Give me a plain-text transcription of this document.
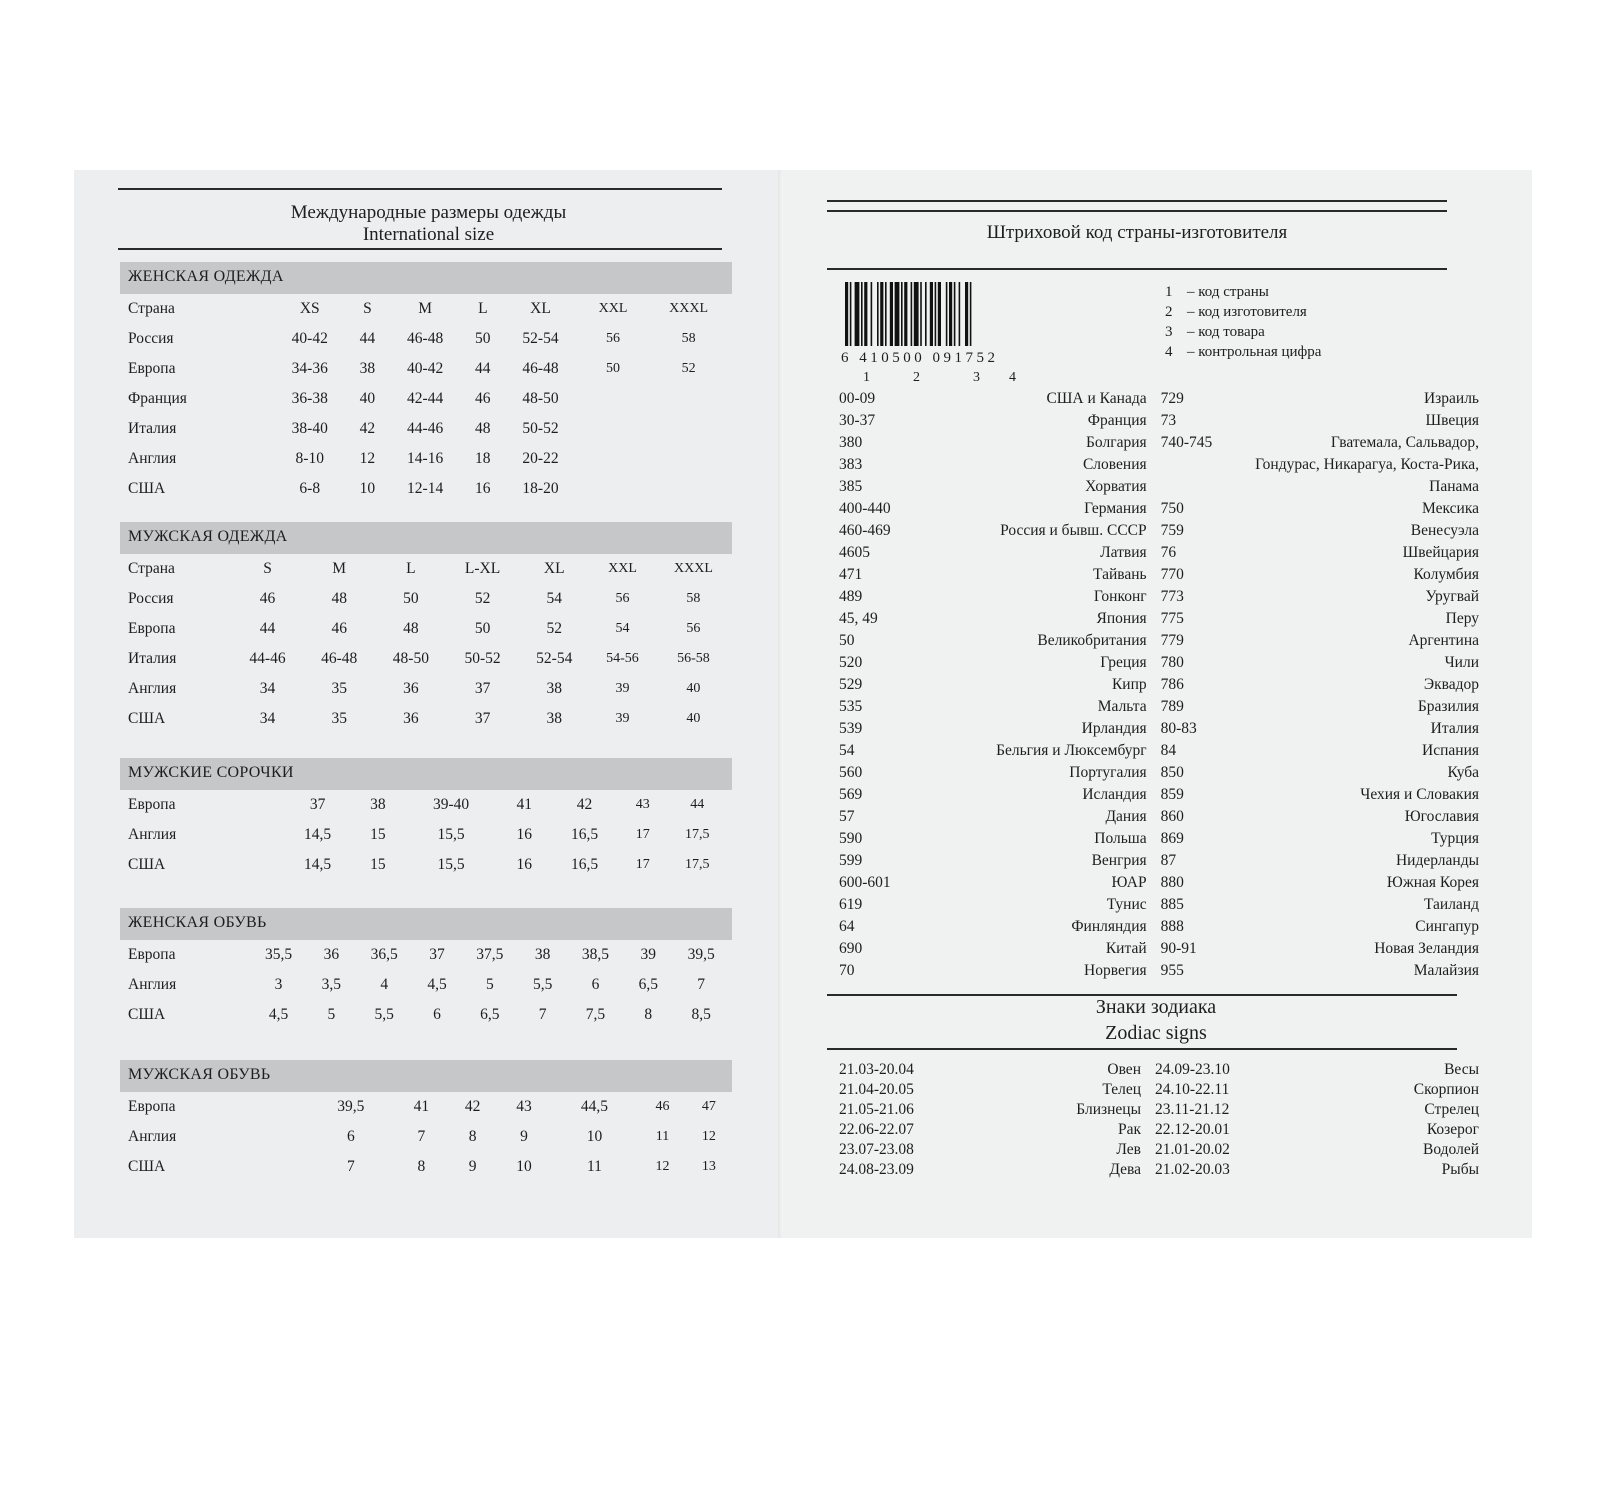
Международные размеры одежды
International size
ЖЕНСКАЯ ОДЕЖДА
Страна	XS	S	M	L	XL	XXL	XXXL
Россия	40-42	44	46-48	50	52-54	56	58
Европа	34-36	38	40-42	44	46-48	50	52
Франция	36-38	40	42-44	46	48-50		
Италия	38-40	42	44-46	48	50-52		
Англия	8-10	12	14-16	18	20-22		
США	6-8	10	12-14	16	18-20		
МУЖСКАЯ ОДЕЖДА
Страна	S	M	L	L-XL	XL	XXL	XXXL
Россия	46	48	50	52	54	56	58
Европа	44	46	48	50	52	54	56
Италия	44-46	46-48	48-50	50-52	52-54	54-56	56-58
Англия	34	35	36	37	38	39	40
США	34	35	36	37	38	39	40
МУЖСКИЕ СОРОЧКИ
Европа	37	38	39-40	41	42	43	44
Англия	14,5	15	15,5	16	16,5	17	17,5
США	14,5	15	15,5	16	16,5	17	17,5
ЖЕНСКАЯ ОБУВЬ
Европа	35,5	36	36,5	37	37,5	38	38,5	39	39,5
Англия	3	3,5	4	4,5	5	5,5	6	6,5	7
США	4,5	5	5,5	6	6,5	7	7,5	8	8,5
МУЖСКАЯ ОБУВЬ
Европа	39,5	41	42	43	44,5	46	47
Англия	6	7	8	9	10	11	12
США	7	8	9	10	11	12	13
Штриховой код страны-изготовителя
6 410500 091752
1	2	3 4
1 – код страны
2 – код изготовителя
3 – код товара
4 – контрольная цифра
00-09	США и Канада	729	Израиль
30-37	Франция	73	Швеция
380	Болгария	740-745	Гватемала, Сальвадор,
383	Словения		Гондурас, Никарагуа, Коста-Рика,
385	Хорватия		Панама
400-440	Германия	750	Мексика
460-469	Россия и бывш. СССР	759	Венесуэла
4605	Латвия	76	Швейцария
471	Тайвань	770	Колумбия
489	Гонконг	773	Уругвай
45, 49	Япония	775	Перу
50	Великобритания	779	Аргентина
520	Греция	780	Чили
529	Кипр	786	Эквадор
535	Мальта	789	Бразилия
539	Ирландия	80-83	Италия
54	Бельгия и Люксембург	84	Испания
560	Португалия	850	Куба
569	Исландия	859	Чехия и Словакия
57	Дания	860	Югославия
590	Польша	869	Турция
599	Венгрия	87	Нидерланды
600-601	ЮАР	880	Южная Корея
619	Тунис	885	Таиланд
64	Финляндия	888	Сингапур
690	Китай	90-91	Новая Зеландия
70	Норвегия	955	Малайзия
Знаки зодиака
Zodiac signs
21.03-20.04	Овен	24.09-23.10	Весы
21.04-20.05	Телец	24.10-22.11	Скорпион
21.05-21.06	Близнецы	23.11-21.12	Стрелец
22.06-22.07	Рак	22.12-20.01	Козерог
23.07-23.08	Лев	21.01-20.02	Водолей
24.08-23.09	Дева	21.02-20.03	Рыбы
